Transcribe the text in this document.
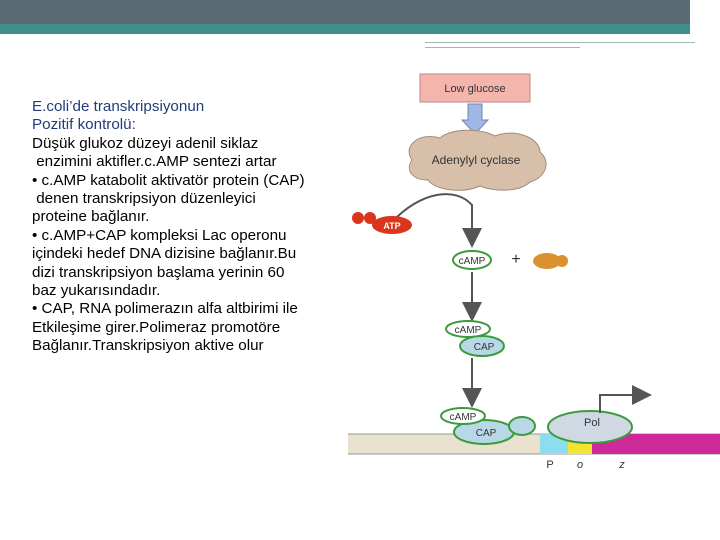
E.coli’de transkripsiyonun
Pozitif kontrolü:
Düşük glukoz düzeyi adenil siklaz
enzimini aktifler.c.AMP sentezi artar
• c.AMP katabolit aktivatör protein (CAP)
denen transkripsiyon düzenleyici
proteine bağlanır.
• c.AMP+CAP kompleksi Lac operonu
içindeki hedef DNA dizisine bağlanır.Bu
dizi transkripsiyon başlama yerinin 60
baz yukarısındadır.
• CAP, RNA polimerazın alfa altbirimi ile
Etkileşime girer.Polimeraz promotöre
Bağlanır.Transkripsiyon aktive olur
Low glucose
Adenylyl cyclase
ATP
cAMP +
cAMP
CAP
Pol
CAP
cAMP
P o	z
